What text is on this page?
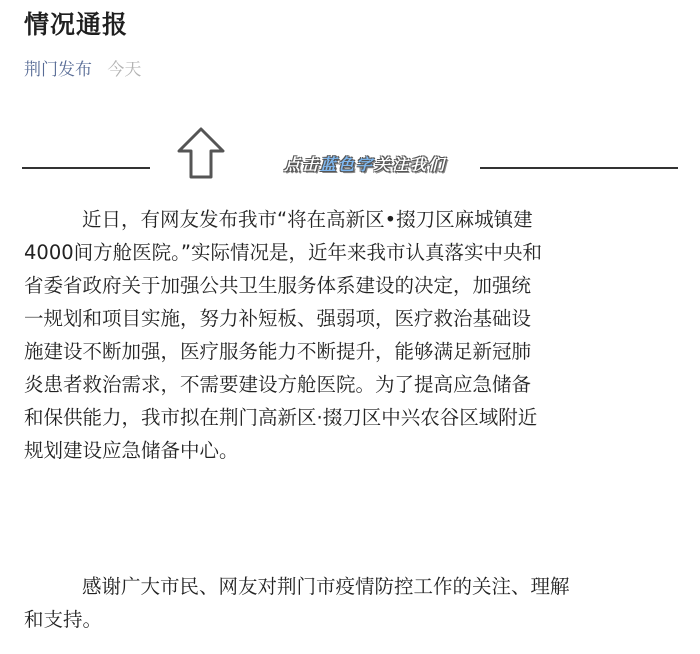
情况通报
荆门发布 今天
点击蓝色字关注我们
近日，有网友发布我市“将在高新区•掇刀区麻城镇建
4000间方舱医院。”实际情况是，近年来我市认真落实中央和
省委省政府关于加强公共卫生服务体系建设的决定，加强统
一规划和项目实施，努力补短板、强弱项，医疗救治基础设
施建设不断加强，医疗服务能力不断提升，能够满足新冠肺
炎患者救治需求，不需要建设方舱医院。为了提高应急储备
和保供能力，我市拟在荆门高新区·掇刀区中兴农谷区域附近
规划建设应急储备中心。
感谢广大市民、网友对荆门市疫情防控工作的关注、理解
和支持。
